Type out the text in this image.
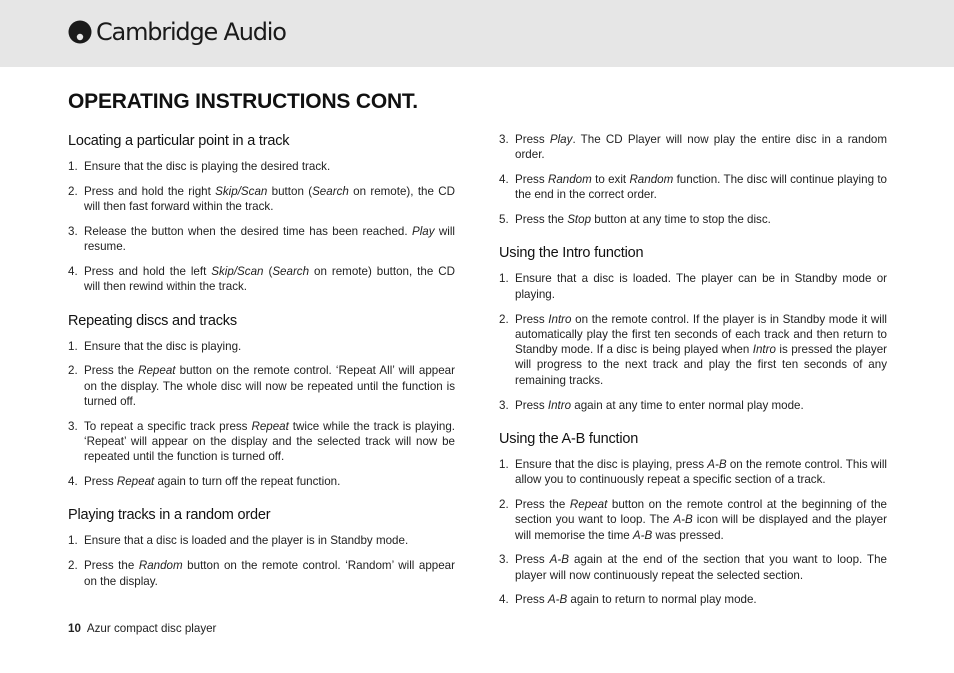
Cambridge Audio
OPERATING INSTRUCTIONS CONT.
Locating a particular point in a track
1. Ensure that the disc is playing the desired track.
2. Press and hold the right Skip/Scan button (Search on remote), the CD will then fast forward within the track.
3. Release the button when the desired time has been reached. Play will resume.
4. Press and hold the left Skip/Scan (Search on remote) button, the CD will then rewind within the track.
Repeating discs and tracks
1. Ensure that the disc is playing.
2. Press the Repeat button on the remote control. ‘Repeat All’ will appear on the display. The whole disc will now be repeated until the function is turned off.
3. To repeat a specific track press Repeat twice while the track is playing. ‘Repeat’ will appear on the display and the selected track will now be repeated until the function is turned off.
4. Press Repeat again to turn off the repeat function.
Playing tracks in a random order
1. Ensure that a disc is loaded and the player is in Standby mode.
2. Press the Random button on the remote control. ‘Random’ will appear on the display.
3. Press Play. The CD Player will now play the entire disc in a random order.
4. Press Random to exit Random function. The disc will continue playing to the end in the correct order.
5. Press the Stop button at any time to stop the disc.
Using the Intro function
1. Ensure that a disc is loaded. The player can be in Standby mode or playing.
2. Press Intro on the remote control. If the player is in Standby mode it will automatically play the first ten seconds of each track and then return to Standby mode. If a disc is being played when Intro is pressed the player will progress to the next track and play the first ten seconds of any remaining tracks.
3. Press Intro again at any time to enter normal play mode.
Using the A-B function
1. Ensure that the disc is playing, press A-B on the remote control. This will allow you to continuously repeat a specific section of a track.
2. Press the Repeat button on the remote control at the beginning of the section you want to loop. The A-B icon will be displayed and the player will memorise the time A-B was pressed.
3. Press A-B again at the end of the section that you want to loop. The player will now continuously repeat the selected section.
4. Press A-B again to return to normal play mode.
10 Azur compact disc player
